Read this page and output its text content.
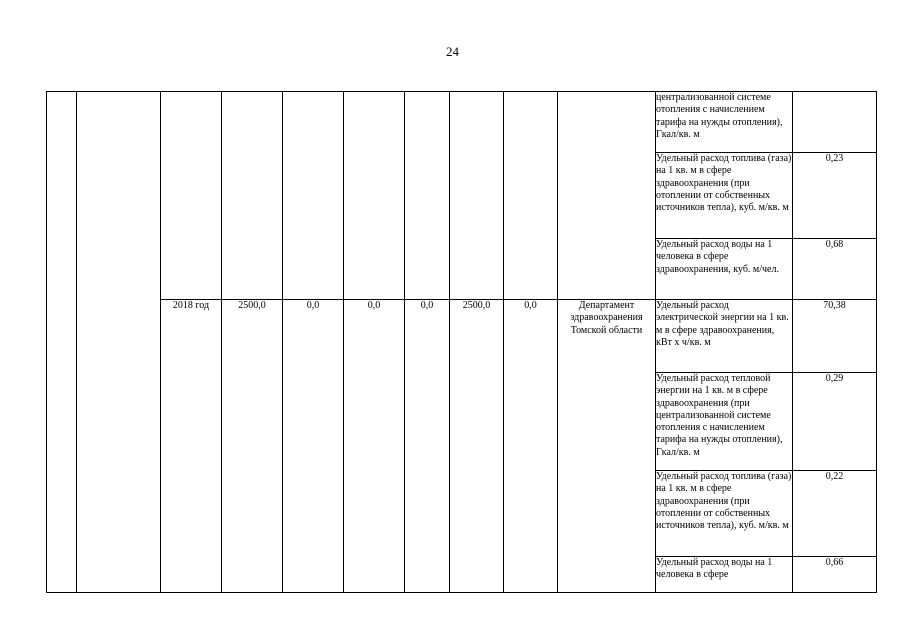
24
										централизованной системе отопления с начислением тарифа на нужды отопления), Гкал/кв. м	
										Удельный расход топлива (газа) на 1 кв. м в сфере здравоохранения (при отоплении от собственных источников тепла), куб. м/кв. м	0,23
										Удельный расход воды на 1 человека в сфере здравоохранения, куб. м/чел.	0,68
		2018 год	2500,0	0,0	0,0	0,0	2500,0	0,0	Департамент здравоохранения Томской области	Удельный расход электрической энергии на 1 кв. м в сфере здравоохранения, кВт х ч/кв. м	70,38
										Удельный расход тепловой энергии на 1 кв. м в сфере здравоохранения (при централизованной системе отопления с начислением тарифа на нужды отопления), Гкал/кв. м	0,29
										Удельный расход топлива (газа) на 1 кв. м в сфере здравоохранения (при отоплении от собственных источников тепла), куб. м/кв. м	0,22
										Удельный расход воды на 1 человека в сфере	0,66
